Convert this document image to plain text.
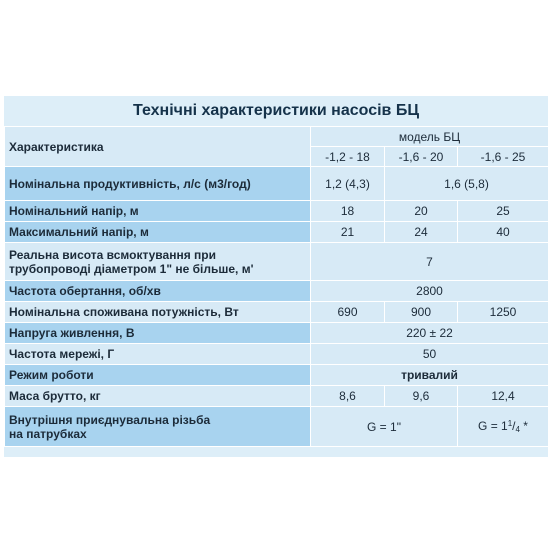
Технічні характеристики насосів БЦ
Характеристика	модель БЦ		
	-1,2 - 18	-1,6 - 20	-1,6 - 25
Номінальна продуктивність, л/с (м3/год)	1,2 (4,3)	1,6 (5,8)	
Номінальний напір, м	18	20	25
Максимальний напір, м	21	24	40
Реальна висота всмоктування при
трубопроводі діаметром 1" не більше, м'	7		
Частота обертання, об/хв	2800		
Номінальна споживана потужність, Вт	690	900	1250
Напруга живлення, В	220 ± 22		
Частота мережі, Г	50		
Режим роботи	тривалий		
Маса брутто, кг	8,6	9,6	12,4
Внутрішня приєднувальна різьба
на патрубках	G = 1"		$G = 1^1/_4$ *
